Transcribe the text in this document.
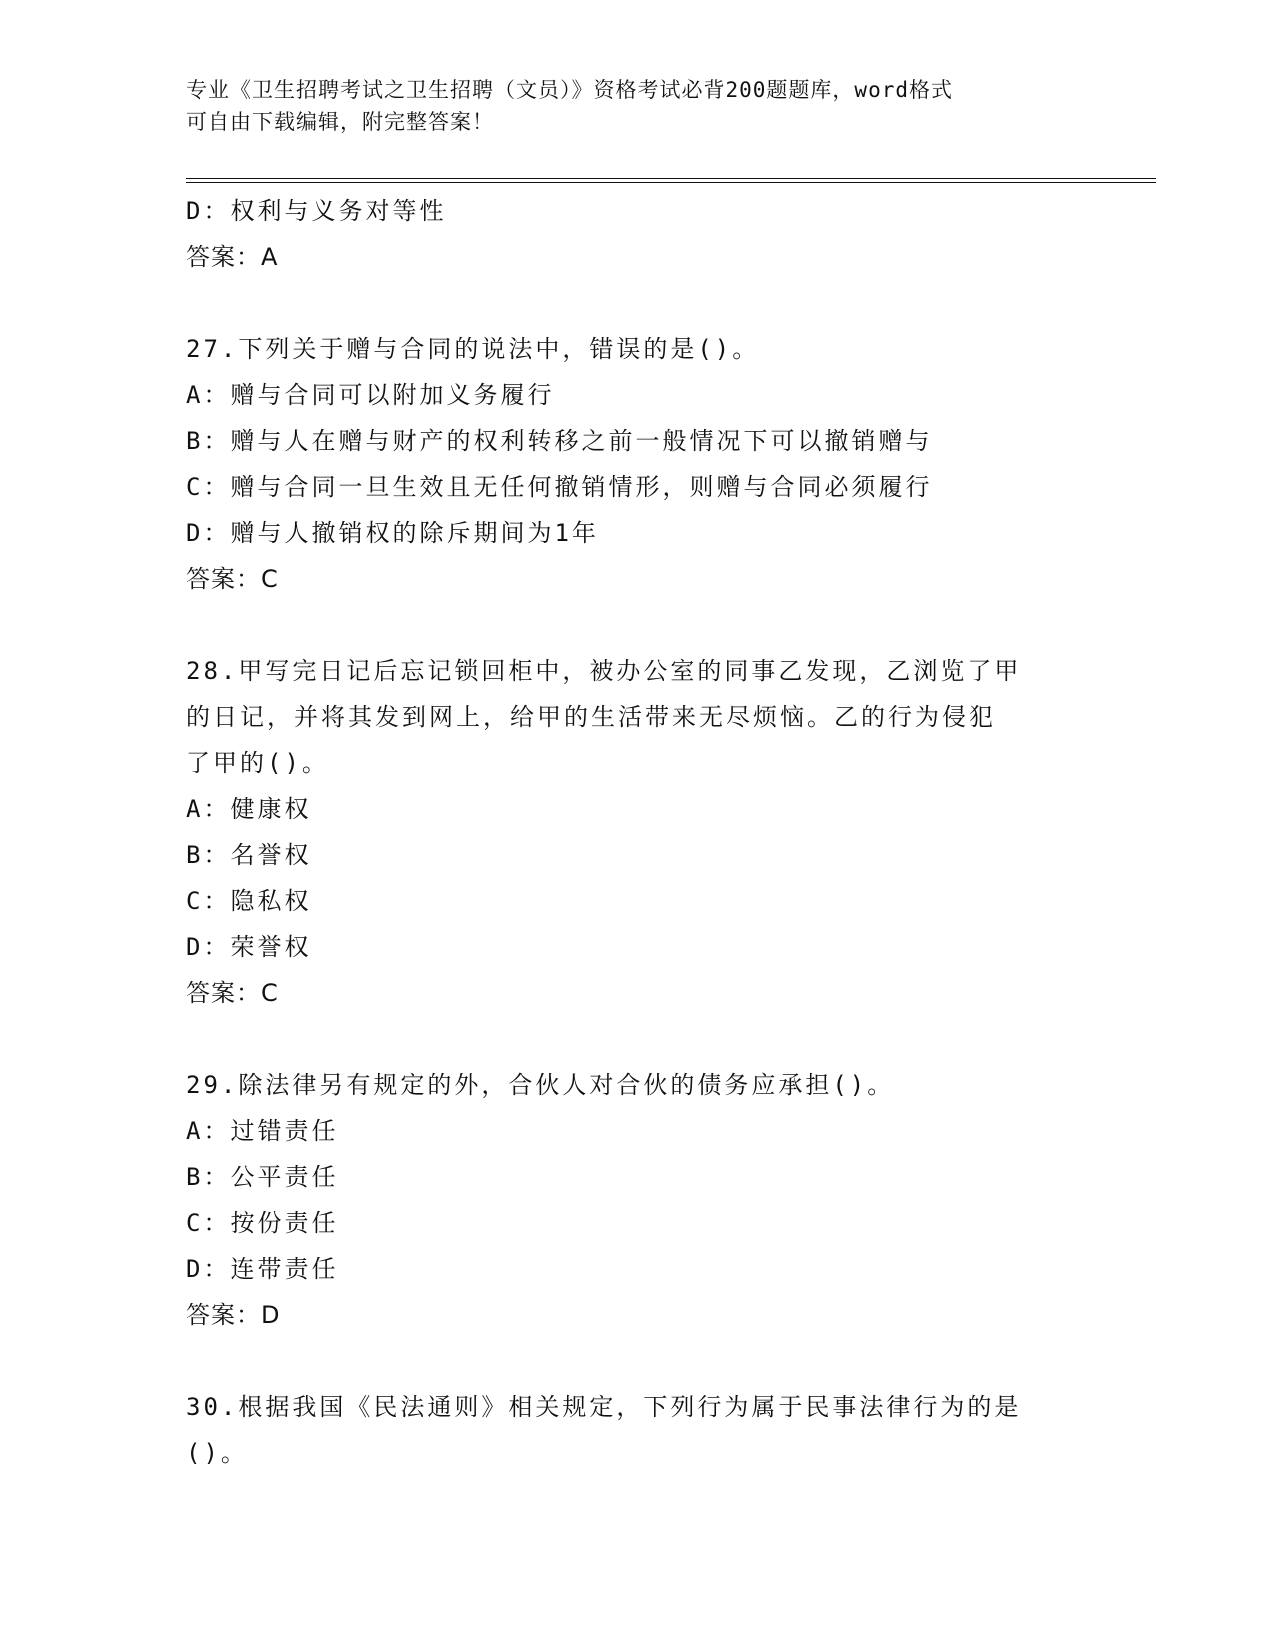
专业《卫生招聘考试之卫生招聘（文员）》资格考试必背200题题库，word格式
可自由下载编辑，附完整答案！
D：权利与义务对等性
答案：A
27.下列关于赠与合同的说法中，错误的是()。
A：赠与合同可以附加义务履行
B：赠与人在赠与财产的权利转移之前一般情况下可以撤销赠与
C：赠与合同一旦生效且无任何撤销情形，则赠与合同必须履行
D：赠与人撤销权的除斥期间为1年
答案：C
28.甲写完日记后忘记锁回柜中，被办公室的同事乙发现，乙浏览了甲
的日记，并将其发到网上，给甲的生活带来无尽烦恼。乙的行为侵犯
了甲的()。
A：健康权
B：名誉权
C：隐私权
D：荣誉权
答案：C
29.除法律另有规定的外，合伙人对合伙的债务应承担()。
A：过错责任
B：公平责任
C：按份责任
D：连带责任
答案：D
30.根据我国《民法通则》相关规定，下列行为属于民事法律行为的是
()。
